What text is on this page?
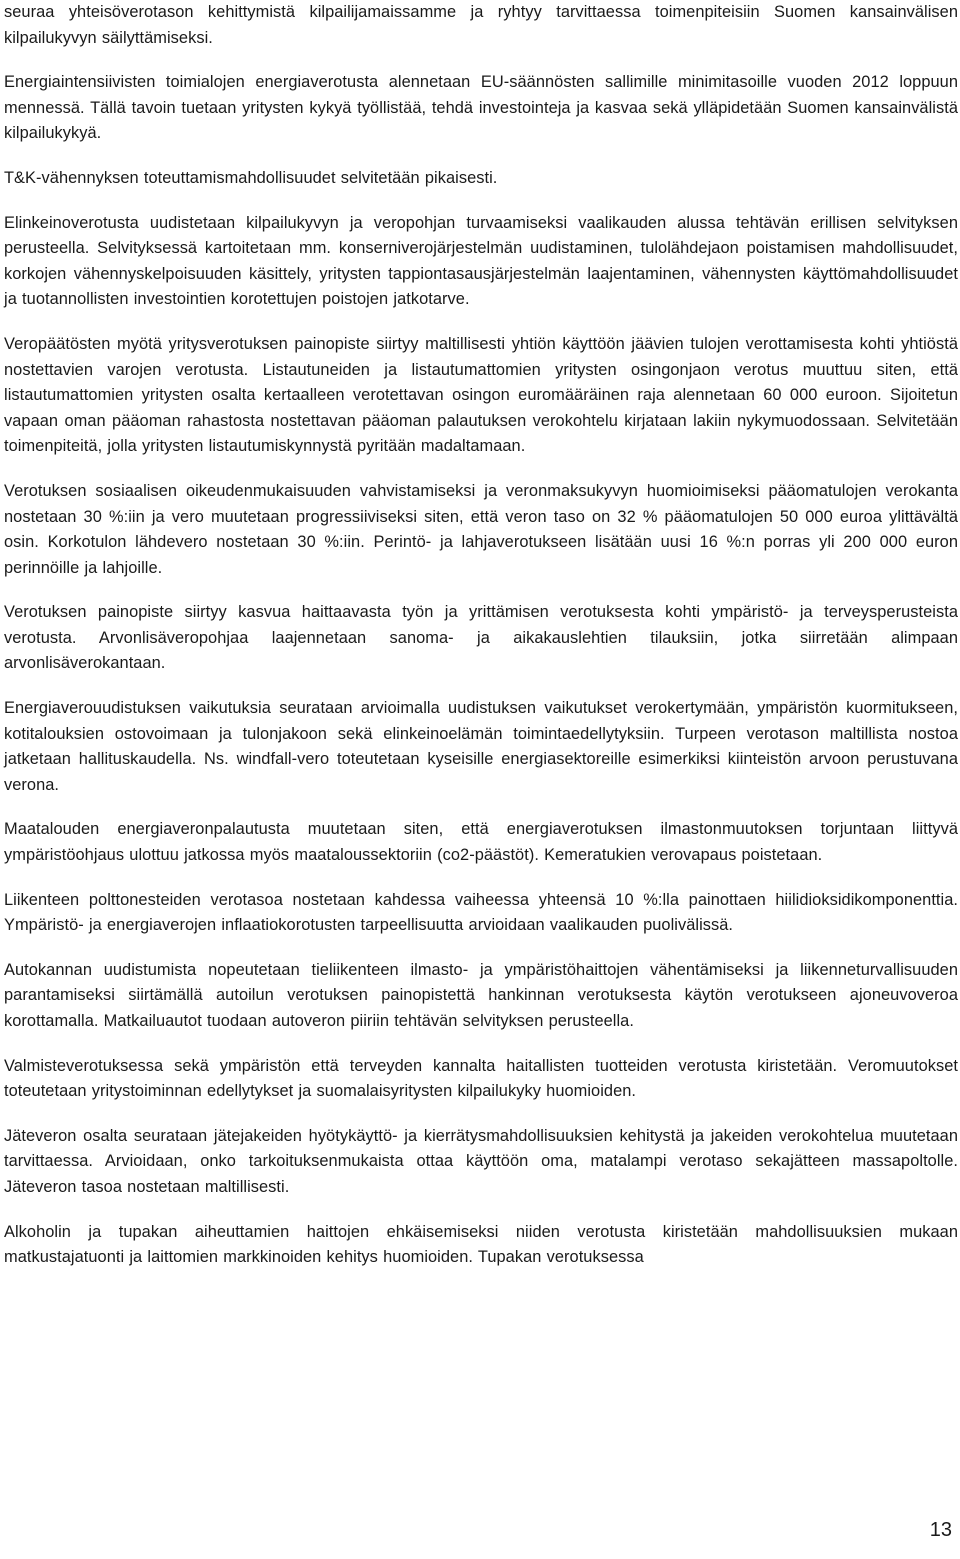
seuraa yhteisöverotason kehittymistä kilpailijamaissamme ja ryhtyy tarvittaessa toimenpiteisiin Suomen kansainvälisen kilpailukyvyn säilyttämiseksi.

Energiaintensiivisten toimialojen energiaverotusta alennetaan EU-säännösten sallimille minimitasoille vuoden 2012 loppuun mennessä. Tällä tavoin tuetaan yritysten kykyä työllistää, tehdä investointeja ja kasvaa sekä ylläpidetään Suomen kansainvälistä kilpailukykyä.

T&K-vähennyksen toteuttamismahdollisuudet selvitetään pikaisesti.

Elinkeinoverotusta uudistetaan kilpailukyvyn ja veropohjan turvaamiseksi vaalikauden alussa tehtävän erillisen selvityksen perusteella. Selvityksessä kartoitetaan mm. konserniverojärjestelmän uudistaminen, tulolähdejaon poistamisen mahdollisuudet, korkojen vähennyskelpoisuuden käsittely, yritysten tappiontasausjärjestelmän laajentaminen, vähennysten käyttömahdollisuudet ja tuotannollisten investointien korotettujen poistojen jatkotarve.

Veropäätösten myötä yritysverotuksen painopiste siirtyy maltillisesti yhtiön käyttöön jäävien tulojen verottamisesta kohti yhtiöstä nostettavien varojen verotusta. Listautuneiden ja listautumattomien yritysten osingonjaon verotus muuttuu siten, että listautumattomien yritysten osalta kertaalleen verotettavan osingon euromääräinen raja alennetaan 60 000 euroon. Sijoitetun vapaan oman pääoman rahastosta nostettavan pääoman palautuksen verokohtelu kirjataan lakiin nykymuodossaan. Selvitetään toimenpiteitä, jolla yritysten listautumiskynnystä pyritään madaltamaan.

Verotuksen sosiaalisen oikeudenmukaisuuden vahvistamiseksi ja veronmaksukyvyn huomioimiseksi pääomatulojen verokanta nostetaan 30 %:iin ja vero muutetaan progressiiviseksi siten, että veron taso on 32 % pääomatulojen 50 000 euroa ylittävältä osin. Korkotulon lähdevero nostetaan 30 %:iin. Perintö- ja lahjaverotukseen lisätään uusi 16 %:n porras yli 200 000 euron perinnöille ja lahjoille.

Verotuksen painopiste siirtyy kasvua haittaavasta työn ja yrittämisen verotuksesta kohti ympäristö- ja terveysperusteista verotusta. Arvonlisäveropohjaa laajennetaan sanoma- ja aikakauslehtien tilauksiin, jotka siirretään alimpaan arvonlisäverokantaan.

Energiaverouudistuksen vaikutuksia seurataan arvioimalla uudistuksen vaikutukset verokertymään, ympäristön kuormitukseen, kotitalouksien ostovoimaan ja tulonjakoon sekä elinkeinoelämän toimintaedellytyksiin. Turpeen verotason maltillista nostoa jatketaan hallituskaudella. Ns. windfall-vero toteutetaan kyseisille energiasektoreille esimerkiksi kiinteistön arvoon perustuvana verona.

Maatalouden energiaveronpalautusta muutetaan siten, että energiaverotuksen ilmastonmuutoksen torjuntaan liittyvä ympäristöohjaus ulottuu jatkossa myös maataloussektoriin (co2-päästöt). Kemeratukien verovapaus poistetaan.

Liikenteen polttonesteiden verotasoa nostetaan kahdessa vaiheessa yhteensä 10 %:lla painottaen hiilidioksidikomponenttia. Ympäristö- ja energiaverojen inflaatiokorotusten tarpeellisuutta arvioidaan vaalikauden puolivälissä.

Autokannan uudistumista nopeutetaan tieliikenteen ilmasto- ja ympäristöhaittojen vähentämiseksi ja liikenneturvallisuuden parantamiseksi siirtämällä autoilun verotuksen painopistettä hankinnan verotuksesta käytön verotukseen ajoneuvoveroa korottamalla. Matkailuautot tuodaan autoveron piiriin tehtävän selvityksen perusteella.

Valmisteverotuksessa sekä ympäristön että terveyden kannalta haitallisten tuotteiden verotusta kiristetään. Veromuutokset toteutetaan yritystoiminnan edellytykset ja suomalaisyritysten kilpailukyky huomioiden.

Jäteveron osalta seurataan jätejakeiden hyötykäyttö- ja kierrätysmahdollisuuksien kehitystä ja jakeiden verokohtelua muutetaan tarvittaessa. Arvioidaan, onko tarkoituksenmukaista ottaa käyttöön oma, matalampi verotaso sekajätteen massapoltolle. Jäteveron tasoa nostetaan maltillisesti.

Alkoholin ja tupakan aiheuttamien haittojen ehkäisemiseksi niiden verotusta kiristetään mahdollisuuksien mukaan matkustajatuonti ja laittomien markkinoiden kehitys huomioiden. Tupakan verotuksessa

13
